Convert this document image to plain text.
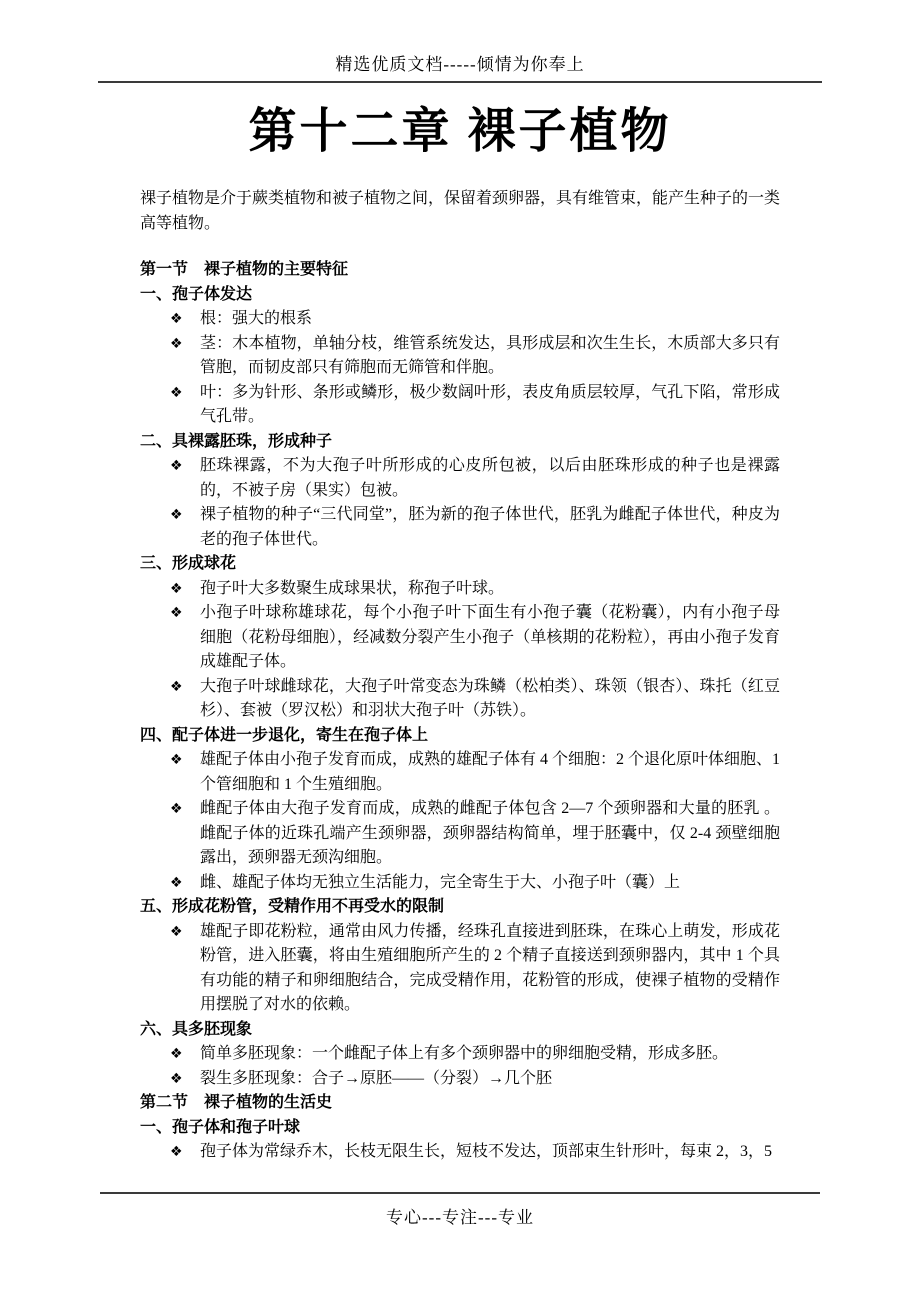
精选优质文档-----倾情为你奉上
第十二章 裸子植物
裸子植物是介于蕨类植物和被子植物之间，保留着颈卵器，具有维管束，能产生种子的一类高等植物。
第一节　裸子植物的主要特征
一、孢子体发达
❖	根：强大的根系
❖	茎：木本植物，单轴分枝，维管系统发达，具形成层和次生生长，木质部大多只有管胞，而韧皮部只有筛胞而无筛管和伴胞。
❖	叶：多为针形、条形或鳞形，极少数阔叶形，表皮角质层较厚，气孔下陷，常形成气孔带。
二、具裸露胚珠，形成种子
❖	胚珠裸露，不为大孢子叶所形成的心皮所包被，以后由胚珠形成的种子也是裸露的，不被子房（果实）包被。
❖	裸子植物的种子“三代同堂”，胚为新的孢子体世代，胚乳为雌配子体世代，种皮为老的孢子体世代。
三、形成球花
❖	孢子叶大多数聚生成球果状，称孢子叶球。
❖	小孢子叶球称雄球花，每个小孢子叶下面生有小孢子囊（花粉囊），内有小孢子母细胞（花粉母细胞），经减数分裂产生小孢子（单核期的花粉粒），再由小孢子发育成雄配子体。
❖	大孢子叶球雌球花，大孢子叶常变态为珠鳞（松柏类）、珠领（银杏）、珠托（红豆杉）、套被（罗汉松）和羽状大孢子叶（苏铁）。
四、配子体进一步退化，寄生在孢子体上
❖	雄配子体由小孢子发育而成，成熟的雄配子体有 4 个细胞：2 个退化原叶体细胞、1 个管细胞和 1 个生殖细胞。
❖	雌配子体由大孢子发育而成，成熟的雌配子体包含 2—7 个颈卵器和大量的胚乳 。雌配子体的近珠孔端产生颈卵器，颈卵器结构简单，埋于胚囊中，仅 2-4 颈壁细胞露出，颈卵器无颈沟细胞。
❖	雌、雄配子体均无独立生活能力，完全寄生于大、小孢子叶（囊）上
五、形成花粉管，受精作用不再受水的限制
❖	雄配子即花粉粒，通常由风力传播，经珠孔直接进到胚珠，在珠心上萌发，形成花粉管，进入胚囊，将由生殖细胞所产生的 2 个精子直接送到颈卵器内，其中 1 个具有功能的精子和卵细胞结合，完成受精作用，花粉管的形成，使裸子植物的受精作用摆脱了对水的依赖。
六、具多胚现象
❖	简单多胚现象：一个雌配子体上有多个颈卵器中的卵细胞受精，形成多胚。
❖	裂生多胚现象：合子→原胚——（分裂）→几个胚
第二节　裸子植物的生活史
一、孢子体和孢子叶球
❖	孢子体为常绿乔木，长枝无限生长，短枝不发达，顶部束生针形叶，每束 2，3，5
专心---专注---专业
